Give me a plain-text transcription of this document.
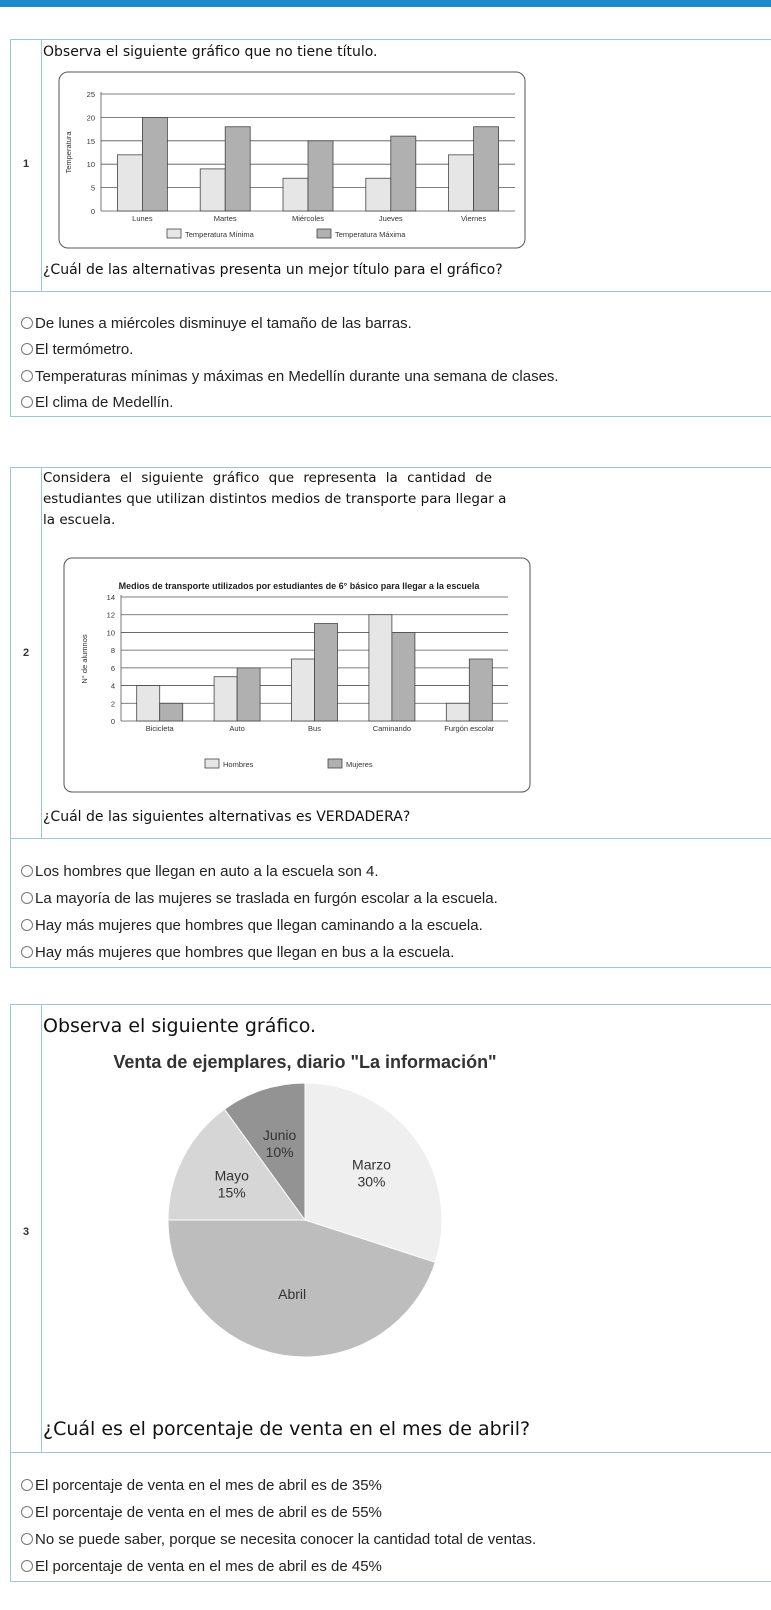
1
Observa el siguiente gráfico que no tiene título.
0
5
10
15
20
25
Temperatura
Lunes	Martes	Miércoles	Jueves	Viernes
Temperatura Mínima	Temperatura Máxima
¿Cuál de las alternativas presenta un mejor título para el gráfico?
De lunes a miércoles disminuye el tamaño de las barras.
El termómetro.
Temperaturas mínimas y máximas en Medellín durante una semana de clases.
El clima de Medellín.
2
Considera el siguiente gráfico que representa la cantidad de
estudiantes que utilizan distintos medios de transporte para llegar a
la escuela.
Medios de transporte utilizados por estudiantes de 6° básico para llegar a la escuela
0
2
4
6
8
10
12
14
N° de alumnos
Bicicleta	Auto	Bus	Caminando	Furgón escolar
Hombres	Mujeres
¿Cuál de las siguientes alternativas es VERDADERA?
Los hombres que llegan en auto a la escuela son 4.
La mayoría de las mujeres se traslada en furgón escolar a la escuela.
Hay más mujeres que hombres que llegan caminando a la escuela.
Hay más mujeres que hombres que llegan en bus a la escuela.
3
Observa el siguiente gráfico.
Venta de ejemplares, diario "La información"
Marzo
30%
Abril
Mayo
15%
Junio
10%
¿Cuál es el porcentaje de venta en el mes de abril?
El porcentaje de venta en el mes de abril es de 35%
El porcentaje de venta en el mes de abril es de 55%
No se puede saber, porque se necesita conocer la cantidad total de ventas.
El porcentaje de venta en el mes de abril es de 45%
